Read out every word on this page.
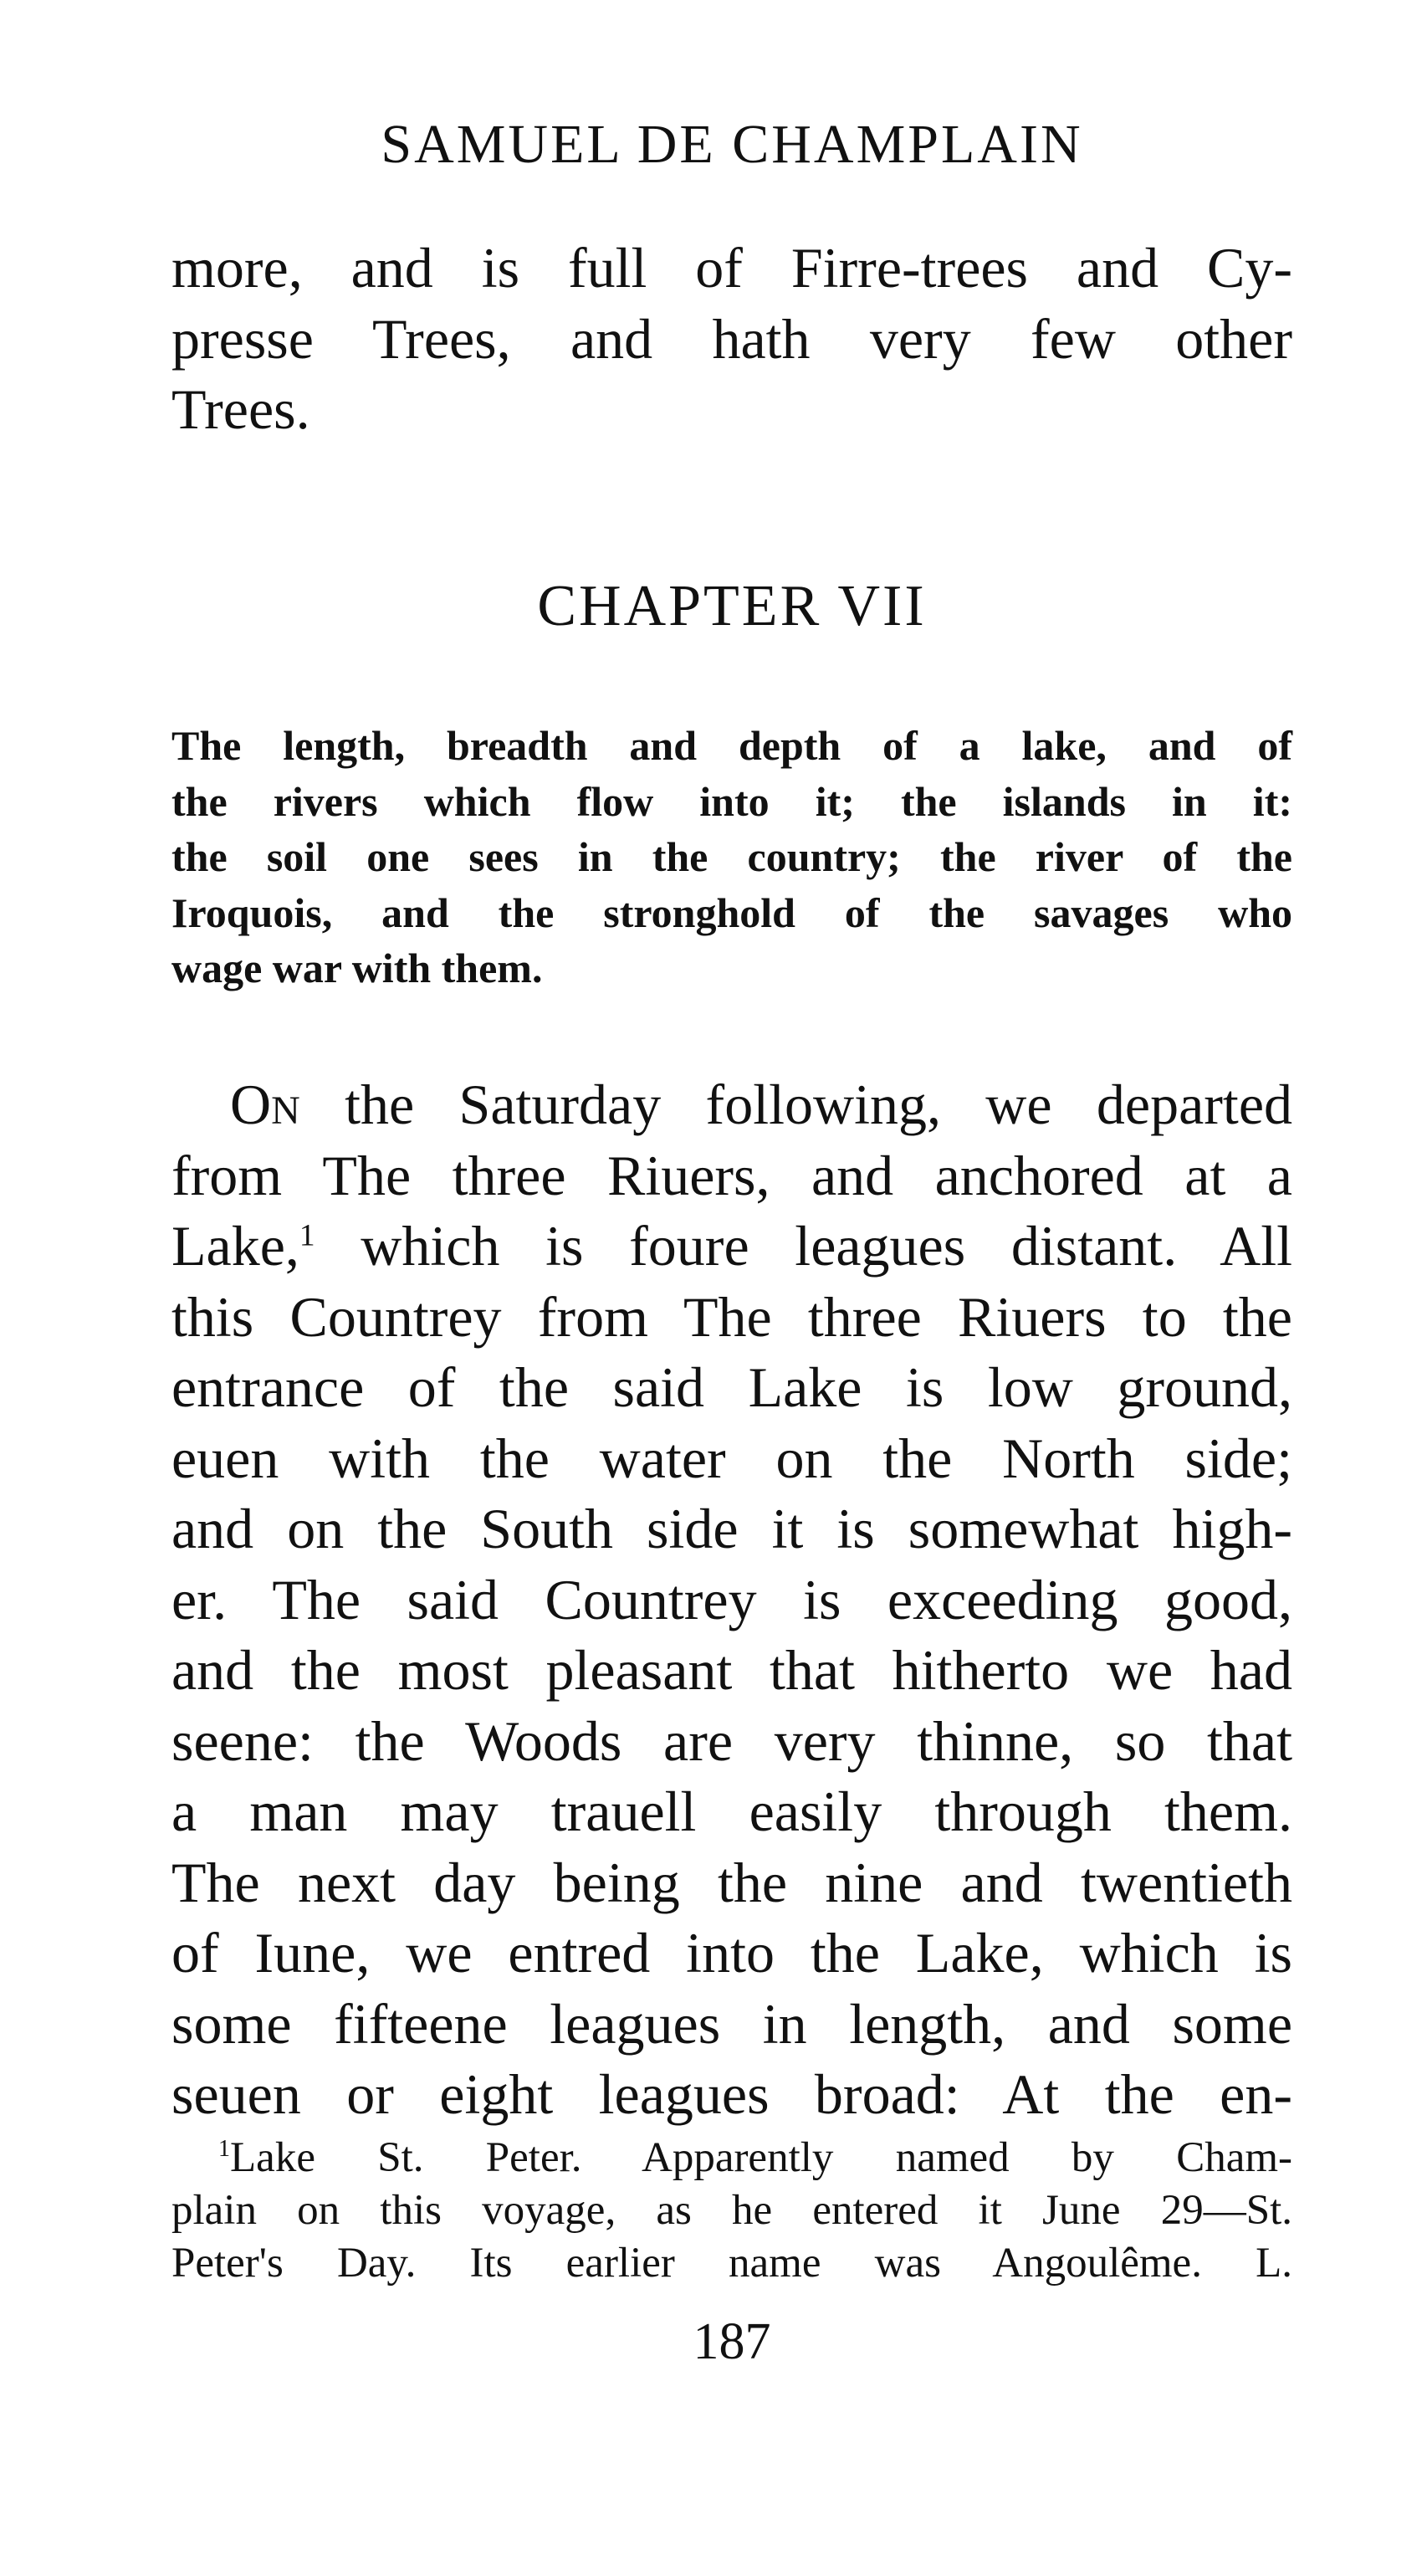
SAMUEL DE CHAMPLAIN
more, and is full of Firre-trees and Cy-
presse Trees, and hath very few other
Trees.
CHAPTER VII
The length, breadth and depth of a lake, and of
the rivers which flow into it; the islands in it:
the soil one sees in the country; the river of the
Iroquois, and the stronghold of the savages who
wage war with them.
On the Saturday following, we departed
from The three Riuers, and anchored at a
Lake,$^1$ which is foure leagues distant. All
this Countrey from The three Riuers to the
entrance of the said Lake is low ground,
euen with the water on the North side;
and on the South side it is somewhat high-
er. The said Countrey is exceeding good,
and the most pleasant that hitherto we had
seene: the Woods are very thinne, so that
a man may trauell easily through them.
The next day being the nine and twentieth
of Iune, we entred into the Lake, which is
some fifteene leagues in length, and some
seuen or eight leagues broad: At the en-
$^1$Lake St. Peter. Apparently named by Cham-
plain on this voyage, as he entered it June 29—St.
Peter's Day. Its earlier name was Angoulême. L.
187
